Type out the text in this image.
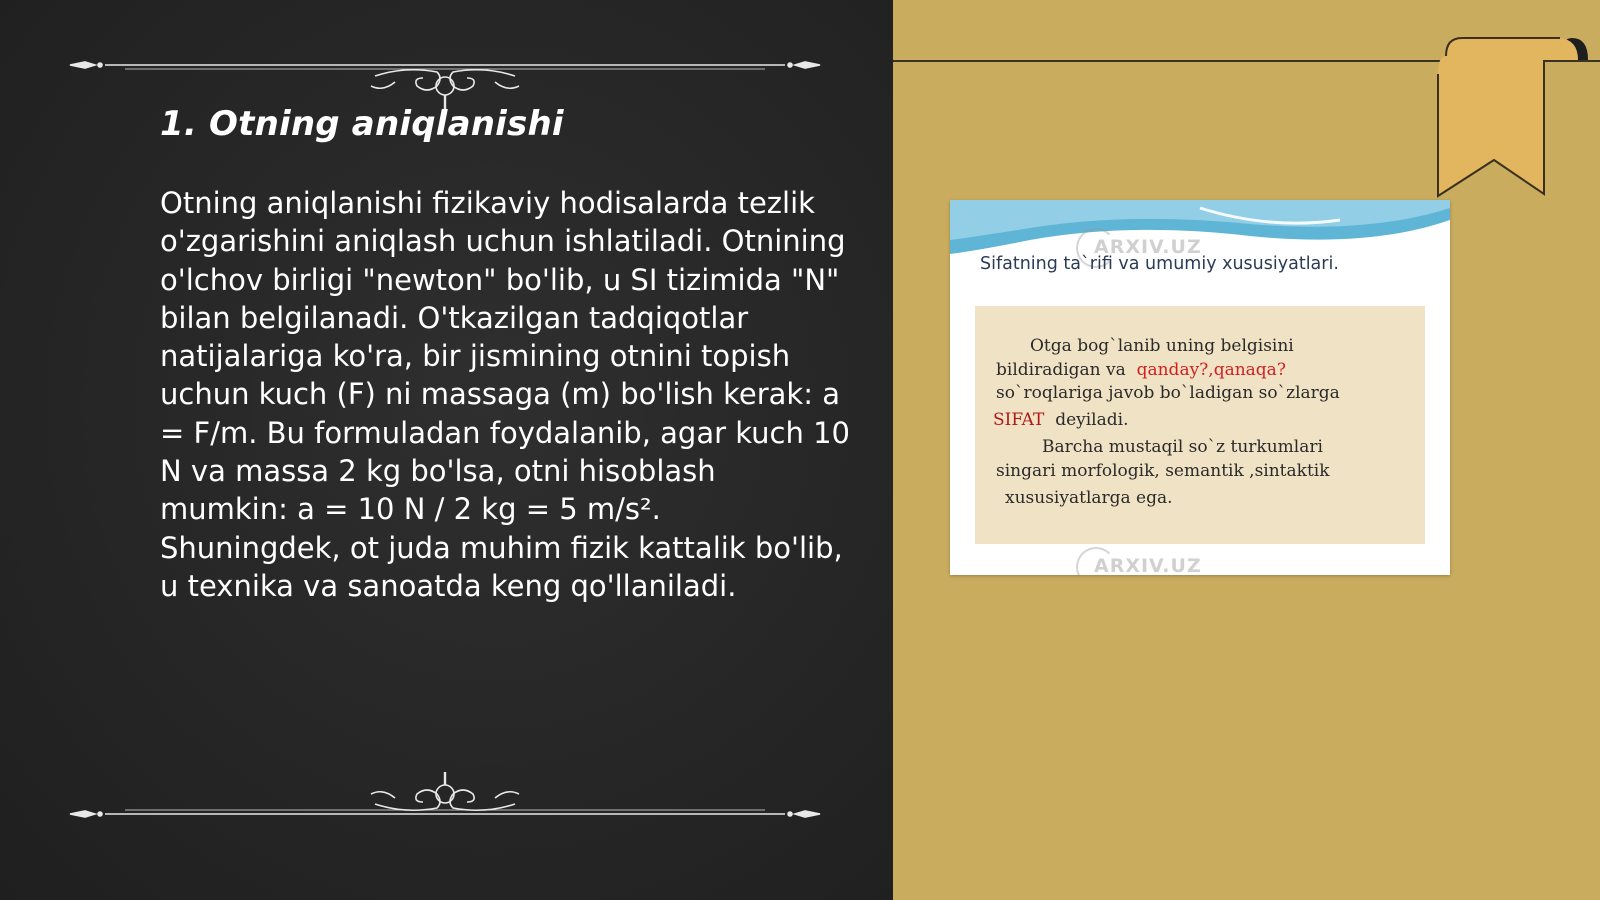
1. Otning aniqlanishi

Otning aniqlanishi fizikaviy hodisalarda tezlik o'zgarishini aniqlash uchun ishlatiladi. Otnining o'lchov birligi "newton" bo'lib, u SI tizimida "N" bilan belgilanadi. O'tkazilgan tadqiqotlar natijalariga ko'ra, bir jismining otnini topish uchun kuch (F) ni massaga (m) bo'lish kerak: a = F/m. Bu formuladan foydalanib, agar kuch 10 N va massa 2 kg bo'lsa, otni hisoblash mumkin: a = 10 N / 2 kg = 5 m/s². Shuningdek, ot juda muhim fizik kattalik bo'lib, u texnika va sanoatda keng qo'llaniladi.

ARXIV.UZ

Sifatning ta`rifi va umumiy xususiyatlari.

Otga bog`lanib uning belgisini

bildiradigan va qanday?,qanaqa?

so`roqlariga javob bo`ladigan so`zlarga

SIFAT deyiladi.

Barcha mustaqil so`z turkumlari

singari morfologik, semantik ,sintaktik

xususiyatlarga ega.

ARXIV.UZ
